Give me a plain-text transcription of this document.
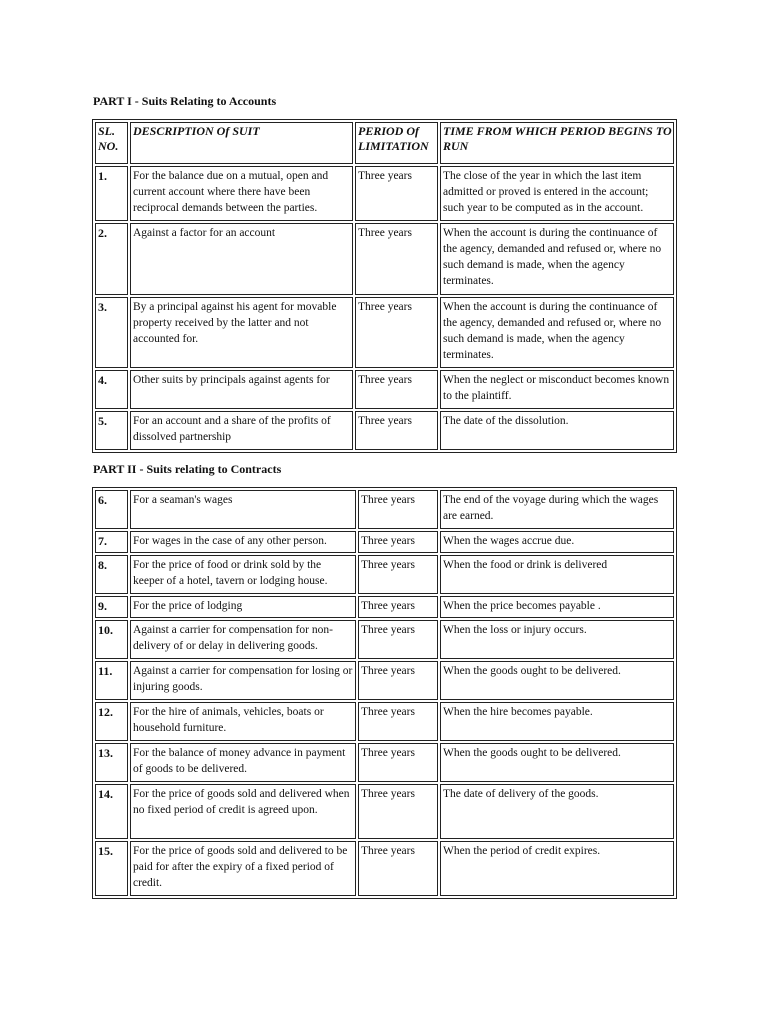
PART I - Suits Relating to Accounts
SL. NO.	DESCRIPTION Of SUIT	PERIOD Of LIMITATION	TIME FROM WHICH PERIOD BEGINS TO RUN
1.	For the balance due on a mutual, open and current account where there have been reciprocal demands between the parties.	Three years	The close of the year in which the last item admitted or proved is entered in the account; such year to be computed as in the account.
2.	Against a factor for an account	Three years	When the account is during the continuance of the agency, demanded and refused or, where no such demand is made, when the agency terminates.
3.	By a principal against his agent for movable property received by the latter and not accounted for.	Three years	When the account is during the continuance of the agency, demanded and refused or, where no such demand is made, when the agency terminates.
4.	Other suits by principals against agents for	Three years	When the neglect or misconduct becomes known to the plaintiff.
5.	For an account and a share of the profits of dissolved partnership	Three years	The date of the dissolution.
PART II - Suits relating to Contracts
6.	For a seaman's wages	Three years	The end of the voyage during which the wages are earned.
7.	For wages in the case of any other person.	Three years	When the wages accrue due.
8.	For the price of food or drink sold by the keeper of a hotel, tavern or lodging house.	Three years	When the food or drink is delivered
9.	For the price of lodging	Three years	When the price becomes payable .
10.	Against a carrier for compensation for non-delivery of or delay in delivering goods.	Three years	When the loss or injury occurs.
11.	Against a carrier for compensation for losing or injuring goods.	Three years	When the goods ought to be delivered.
12.	For the hire of animals, vehicles, boats or household furniture.	Three years	When the hire becomes payable.
13.	For the balance of money advance in payment of goods to be delivered.	Three years	When the goods ought to be delivered.
14.	For the price of goods sold and delivered when no fixed period of credit is agreed upon.	Three years	The date of delivery of the goods.
15.	For the price of goods sold and delivered to be paid for after the expiry of a fixed period of credit.	Three years	When the period of credit expires.
